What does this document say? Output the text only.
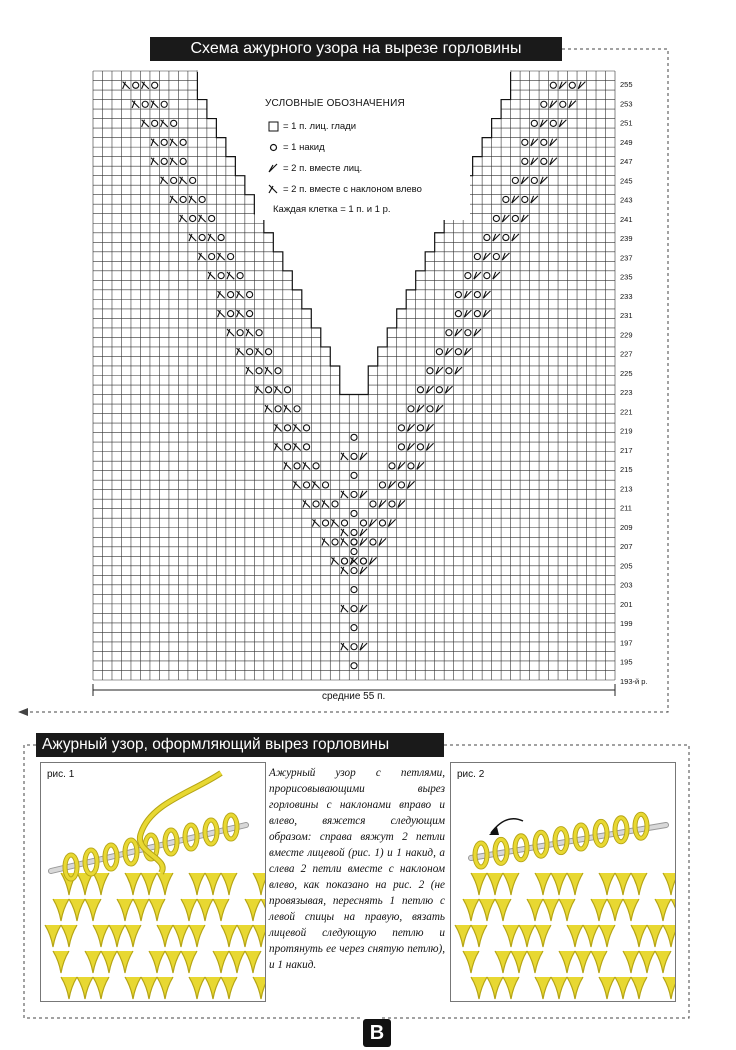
Схема ажурного узора на вырезе горловины
255
253
251
249
247
245
243
241
239
237
235
233
231
229
227
225
223
221
219
217
215
213
211
209
207
205
203
201
199
197
195
193-й р.
средние 55 п.
УСЛОВНЫЕ ОБОЗНАЧЕНИЯ
= 1 п. лиц. глади
= 1 накид
= 2 п. вместе лиц.
= 2 п. вместе с наклоном влево
Каждая клетка = 1 п. и 1 р.
Ажурный узор, оформляющий вырез горловины
рис. 1	Ажурный узор с петлями, прорисовывающими вырез горловины с наклонами вправо и влево, вяжется следующим образом: справа вяжут 2 петли вместе лицевой (рис. 1) и 1 накид, а слева 2 петли вместе с наклоном влево, как показано на рис. 2 (не провязывая, переснять 1 петлю с левой спицы на правую, вязать лицевой следующую петлю и протянуть ее через снятую петлю), и 1 накид.
рис. 2
B
